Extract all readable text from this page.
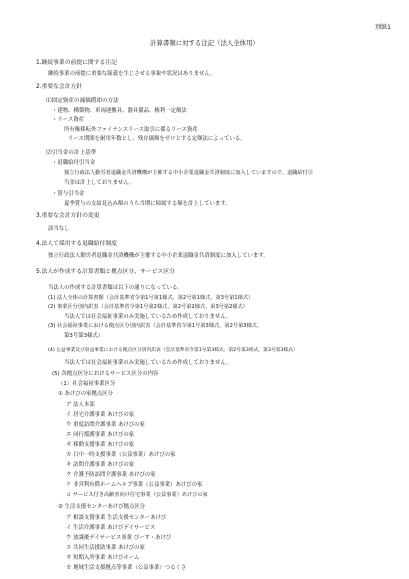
別紙1
計算書類に対する注記（法人全体用）
1.継続事業の前提に関する注記
継続事業の前提に重要な疑義を生じさせる事象や状況はありません。
2.重要な会計方針
⑴固定資産の減価償却の方法
・建物、構築物、車両運搬具、器具備品、権利一定額法
・リース資産
所有権移転外ファイナンスリース取引に係るリース資産
リース期間を耐用年数とし、残存価額をゼロとする定額法によっている。
⑵引当金の計上基準
・退職給付引当金
独立行政法人勤労者退職金共済機構が主催する中小企業退職金共済制度に加入していますので、退職給付引
当金は計上しておりません。
・賞与引当金
夏季賞与の支給見込み額のうち当期に帰属する額を計上しています。
3.重要な会計方針の変更
該当なし
4.法人で採用する退職給付制度
独立行政法人勤労者退職金共済機構が主催する中小企業退職金共済制度に加入しています。
5.法人が作成する計算書類と拠点区分、サービス区分
当法人の作成する計算書類は以下の通りになっている。
(1) 法人全体の計算書類（会計基準省令第1号第1様式、第2号第1様式、第3号第1様式）
(2) 事業区分別内訳表（会計基準省令第1号第2様式、第2号第2様式、第3号第2様式）
当法人では社会福祉事業のみ実施しているため作成しておりません。
(3) 社会福祉事業における拠点区分別内訳表（会計基準省令第1号第3様式、第2号第3様式、
第3号第3様式）
(4) 公益事業及び収益事業における拠点区分別内訳表（会計基準省令第1号第3様式、第2号第3様式、第3号第3様式）
当法人では社会福祉事業のみ実施しているため作成しておりません。
(5) 各拠点区分におけるサービス区分の内容
（1）社会福祉事業区分
① あけびの家拠点区分
ア 法人本部
イ 居宅介護事業 あけびの家
ウ 重度訪問介護事業 あけびの家
エ 同行援護事業 あけびの家
オ 移動支援事業 あけびの家
カ 日中一時支援事業（公益事業）あけびの家
キ 訪問介護事業 あけびの家
ク 介護予防訪問介護事業 あけびの家
ケ 非営利有償ホームヘルプ事業（公益事業）あけびの家
コ サービス付き高齢者向け住宅事業（公益事業）あけびの家
② 生活支援センターあけび拠点区分
ア 相談支援事業 生活支援センターあけび
イ 生活介護事業 あけびデイサービス
ウ 放課後デイサービス事業 ぴーす・あけび
エ 共同生活援助事業 あけびの家
オ 短期入所事業 あけびホーム
カ 地域生活支援拠点等事業（公益事業）つるくさ
